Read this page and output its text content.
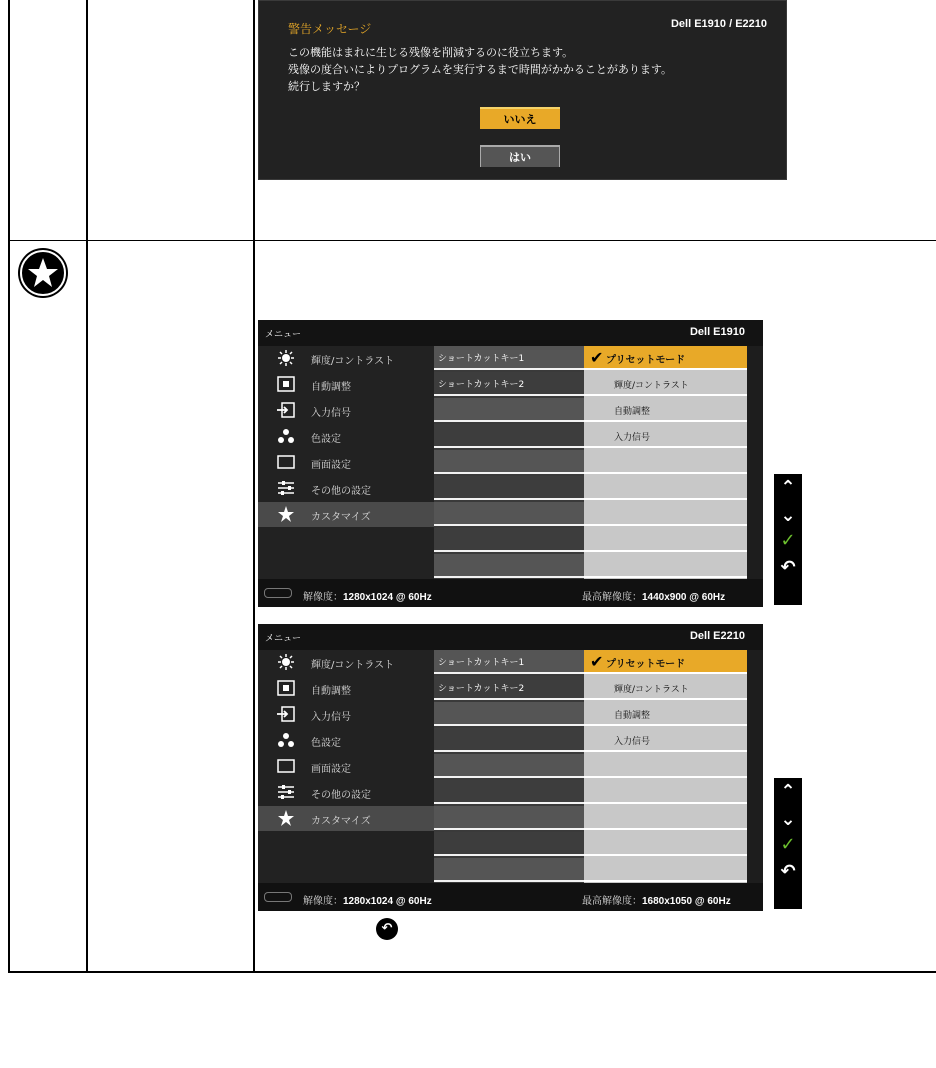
警告メッセージ	Dell E1910 / E2210
この機能はまれに生じる残像を削減するのに役立ちます。
残像の度合いによりプログラムを実行するまで時間がかかることがあります。
続行しますか？
いいえ
はい
メニュー	Dell E1910
輝度/コントラスト
自動調整
入力信号
色設定
画面設定
その他の設定
カスタマイズ
ショートカットキー1
ショートカットキー2
✔ プリセットモード
輝度/コントラスト
自動調整
入力信号
解像度：1280x1024 @ 60Hz	最高解像度：1440x900 @ 60Hz
メニュー	Dell E2210
輝度/コントラスト
自動調整
入力信号
色設定
画面設定
その他の設定
カスタマイズ
ショートカットキー1
ショートカットキー2
✔ プリセットモード
輝度/コントラスト
自動調整
入力信号
解像度：1280x1024 @ 60Hz	最高解像度：1680x1050 @ 60Hz
⌃
⌄
✓
↶
⌃
⌄
✓
↶
↶
